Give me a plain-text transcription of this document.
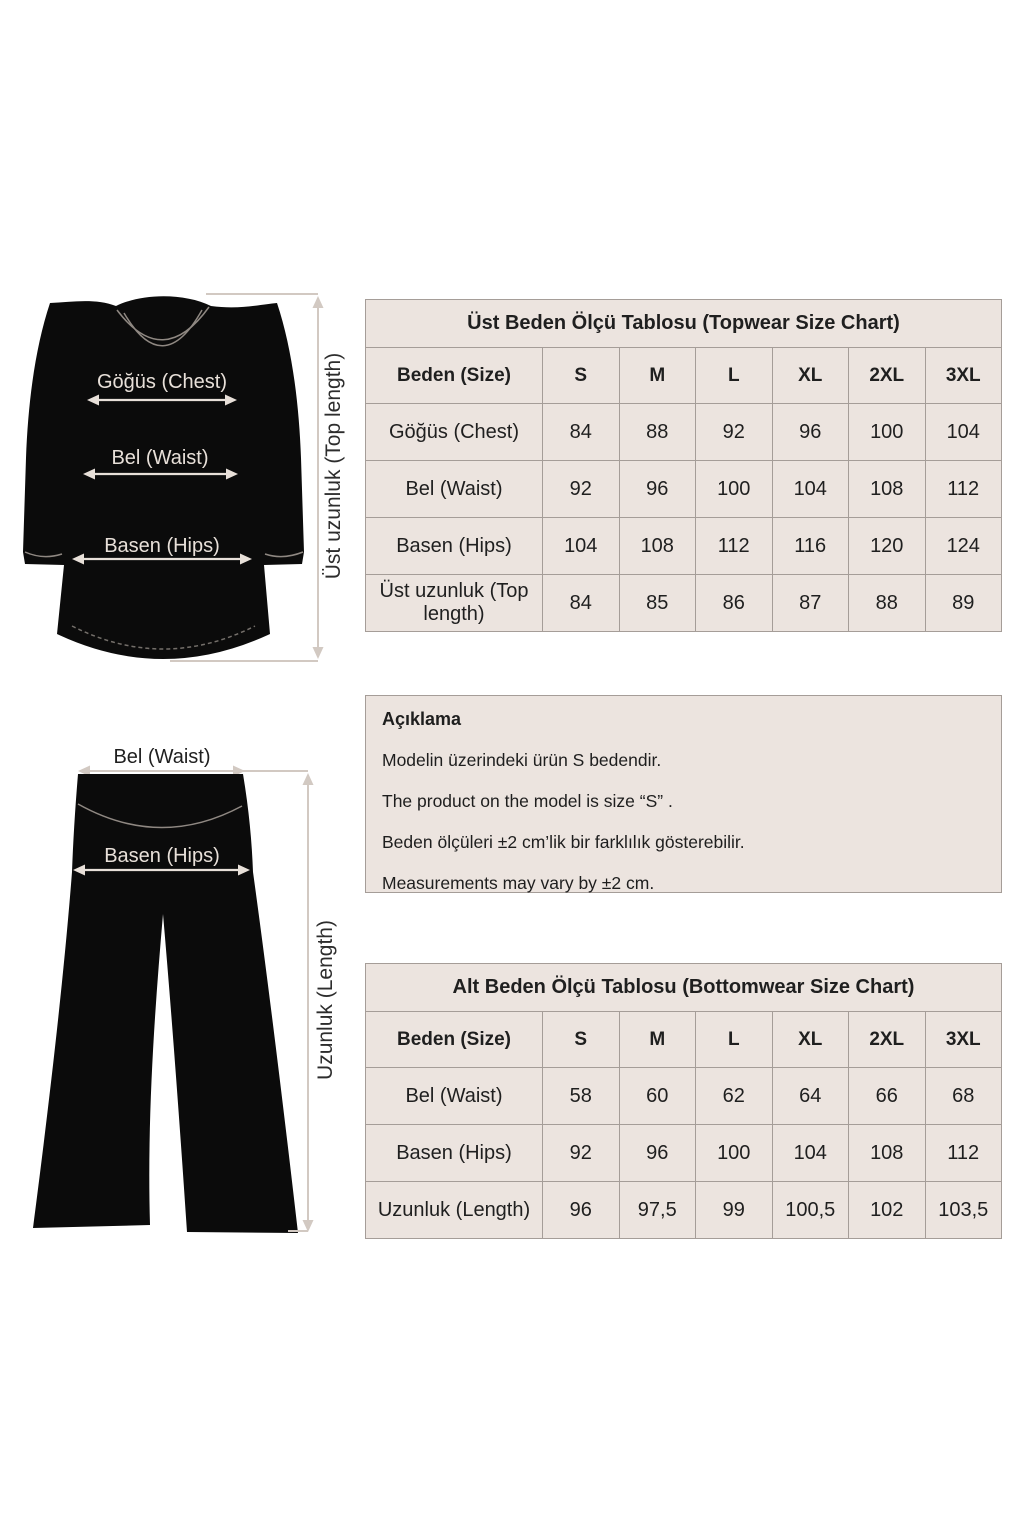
Göğüs (Chest)
Bel (Waist)
Basen (Hips)	Üst uzunluk (Top length)
Üst Beden Ölçü Tablosu (Topwear Size Chart)						
Beden (Size)	S	M	L	XL	2XL	3XL
Göğüs (Chest)	84	88	92	96	100	104
Bel (Waist)	92	96	100	104	108	112
Basen (Hips)	104	108	112	116	120	124
Üst uzunluk (Top length)	84	85	86	87	88	89
Açıklama

Modelin üzerindeki ürün S bedendir.

The product on the model is size “S” .

Beden ölçüleri ±2 cm’lik bir farklılık gösterebilir.

Measurements may vary by ±2 cm.

Bel (Waist)
Basen (Hips)
Uzunluk (Length)	Alt Beden Ölçü Tablosu (Bottomwear Size Chart)						
Beden (Size)	S	M	L	XL	2XL	3XL
Bel (Waist)	58	60	62	64	66	68
Basen (Hips)	92	96	100	104	108	112
Uzunluk (Length)	96	97,5	99	100,5	102	103,5
